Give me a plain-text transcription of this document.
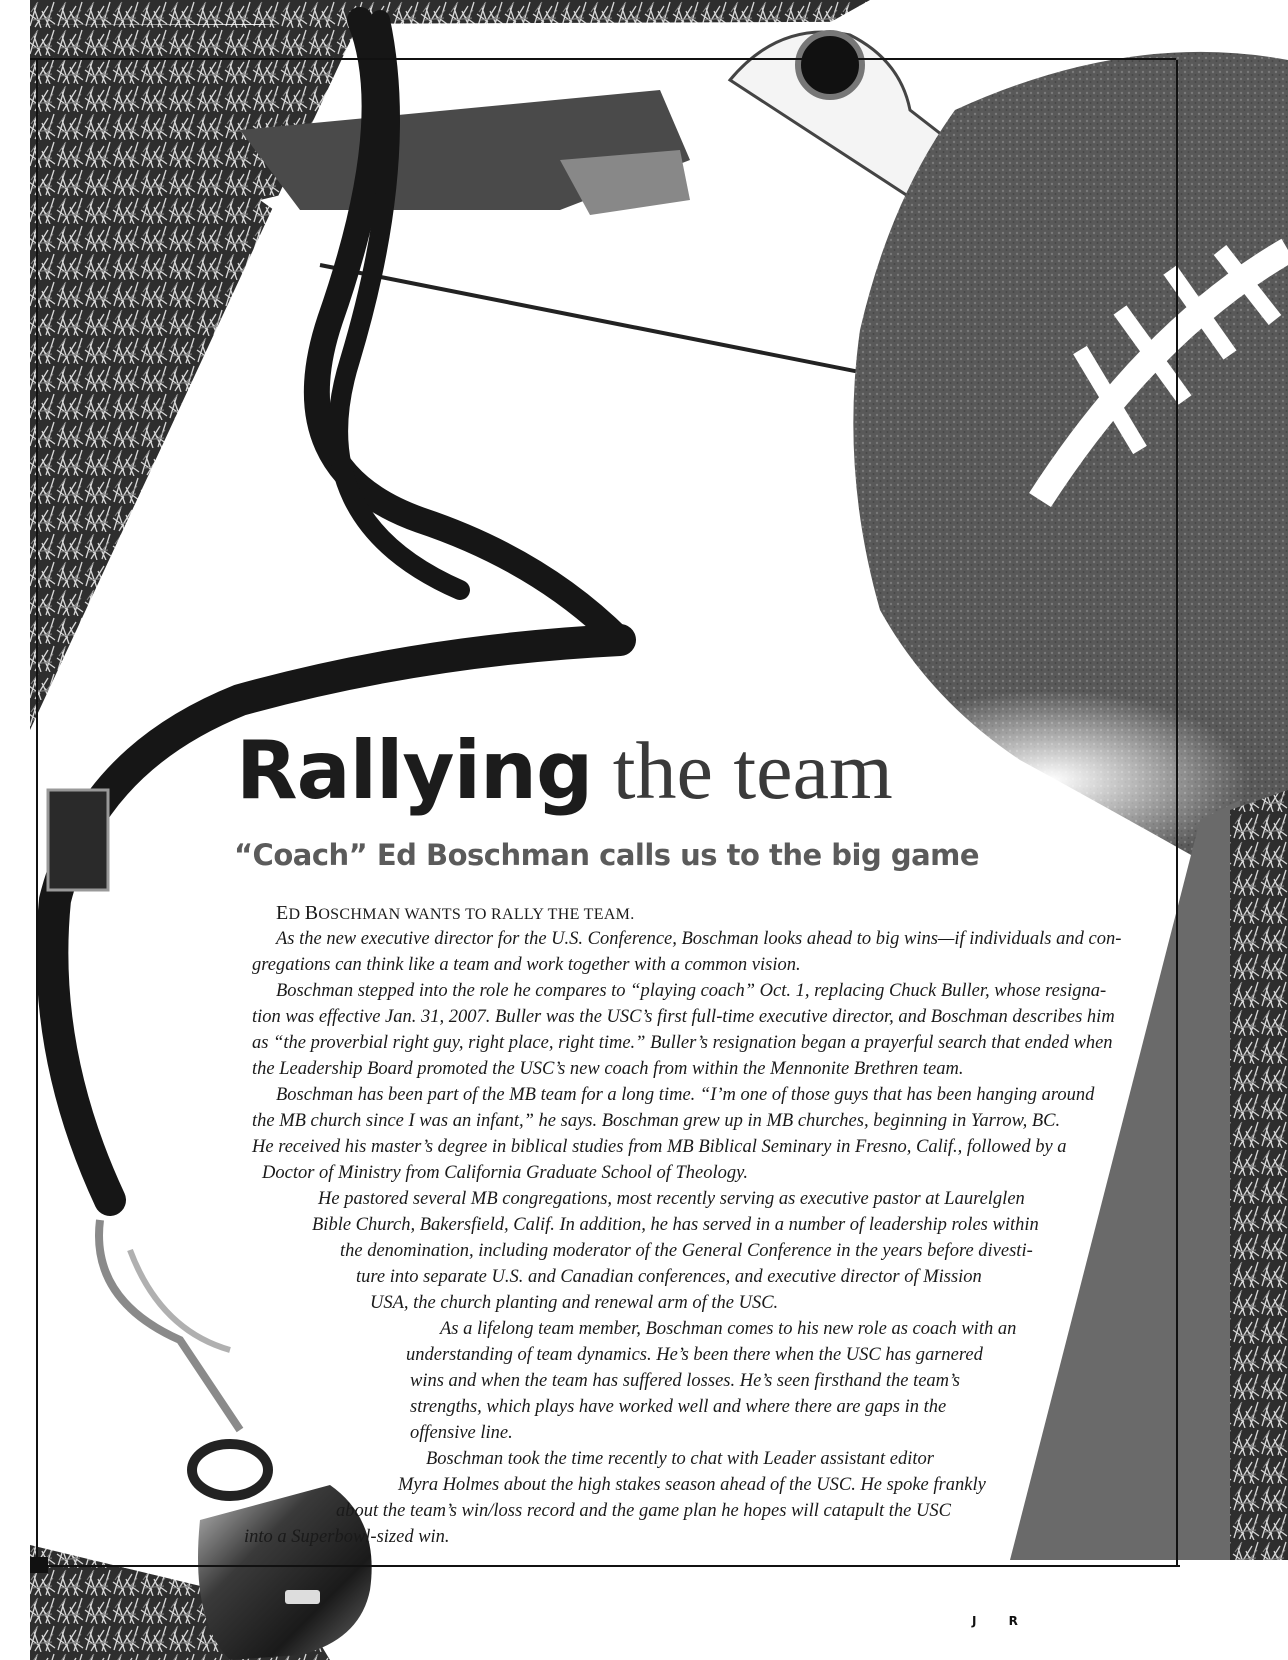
Rallying the team
“Coach” Ed Boschman calls us to the big game
ED BOSCHMAN WANTS TO RALLY THE TEAM.
As the new executive director for the U.S. Conference, Boschman looks ahead to big wins—if individuals and con-
gregations can think like a team and work together with a common vision.
Boschman stepped into the role he compares to “playing coach” Oct. 1, replacing Chuck Buller, whose resigna-
tion was effective Jan. 31, 2007. Buller was the USC’s first full-time executive director, and Boschman describes him
as “the proverbial right guy, right place, right time.” Buller’s resignation began a prayerful search that ended when
the Leadership Board promoted the USC’s new coach from within the Mennonite Brethren team.
Boschman has been part of the MB team for a long time. “I’m one of those guys that has been hanging around
the MB church since I was an infant,” he says. Boschman grew up in MB churches, beginning in Yarrow, BC.
He received his master’s degree in biblical studies from MB Biblical Seminary in Fresno, Calif., followed by a
Doctor of Ministry from California Graduate School of Theology.
He pastored several MB congregations, most recently serving as executive pastor at Laurelglen
Bible Church, Bakersfield, Calif. In addition, he has served in a number of leadership roles within
the denomination, including moderator of the General Conference in the years before divesti-
ture into separate U.S. and Canadian conferences, and executive director of Mission
USA, the church planting and renewal arm of the USC.
As a lifelong team member, Boschman comes to his new role as coach with an
understanding of team dynamics. He’s been there when the USC has garnered
wins and when the team has suffered losses. He’s seen firsthand the team’s
strengths, which plays have worked well and where there are gaps in the
offensive line.
Boschman took the time recently to chat with Leader assistant editor
Myra Holmes about the high stakes season ahead of the USC. He spoke frankly
about the team’s win/loss record and the game plan he hopes will catapult the USC
into a Superbowl-sized win.
J R
